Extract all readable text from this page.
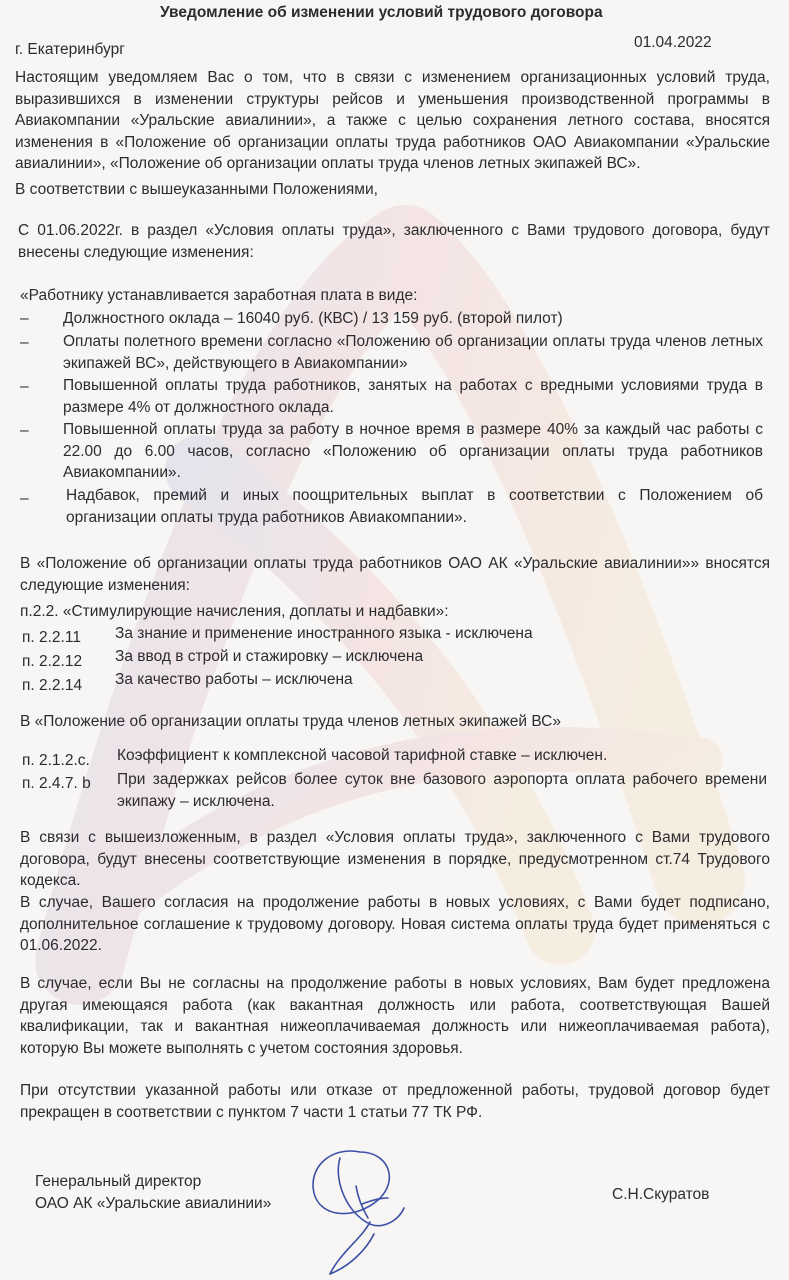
Уведомление об изменении условий трудового договора
г. Екатеринбург	01.04.2022
Настоящим уведомляем Вас о том, что в связи с изменением организационных условий труда, выразившихся в изменении структуры рейсов и уменьшения производственной программы в Авиакомпании «Уральские авиалинии», а также с целью сохранения летного состава, вносятся изменения в «Положение об организации оплаты труда работников ОАО Авиакомпании «Уральские авиалинии», «Положение об организации оплаты труда членов летных экипажей ВС».
В соответствии с вышеуказанными Положениями,
С 01.06.2022г. в раздел «Условия оплаты труда», заключенного с Вами трудового договора, будут внесены следующие изменения:
«Работнику устанавливается заработная плата в виде:
– Должностного оклада – 16040 руб. (КВС) / 13 159 руб. (второй пилот)
– Оплаты полетного времени согласно «Положению об организации оплаты труда членов летных экипажей ВС», действующего в Авиакомпании»
– Повышенной оплаты труда работников, занятых на работах с вредными условиями труда в размере 4% от должностного оклада.
– Повышенной оплаты труда за работу в ночное время в размере 40% за каждый час работы с 22.00 до 6.00 часов, согласно «Положению об организации оплаты труда работников Авиакомпании».
– Надбавок, премий и иных поощрительных выплат в соответствии с Положением об организации оплаты труда работников Авиакомпании».
В «Положение об организации оплаты труда работников ОАО АК «Уральские авиалинии»» вносятся следующие изменения:
п.2.2. «Стимулирующие начисления, доплаты и надбавки»:
п. 2.2.11 За знание и применение иностранного языка - исключена
п. 2.2.12 За ввод в строй и стажировку – исключена
п. 2.2.14 За качество работы – исключена
В «Положение об организации оплаты труда членов летных экипажей ВС»
п. 2.1.2.с. Коэффициент к комплексной часовой тарифной ставке – исключен.
п. 2.4.7. b При задержках рейсов более суток вне базового аэропорта оплата рабочего времени экипажу – исключена.
В связи с вышеизложенным, в раздел «Условия оплаты труда», заключенного с Вами трудового договора, будут внесены соответствующие изменения в порядке, предусмотренном ст.74 Трудового кодекса.
В случае, Вашего согласия на продолжение работы в новых условиях, с Вами будет подписано, дополнительное соглашение к трудовому договору. Новая система оплаты труда будет применяться с 01.06.2022.
В случае, если Вы не согласны на продолжение работы в новых условиях, Вам будет предложена другая имеющаяся работа (как вакантная должность или работа, соответствующая Вашей квалификации, так и вакантная нижеоплачиваемая должность или нижеоплачиваемая работа), которую Вы можете выполнять с учетом состояния здоровья.
При отсутствии указанной работы или отказе от предложенной работы, трудовой договор будет прекращен в соответствии с пунктом 7 части 1 статьи 77 ТК РФ.
Генеральный директор
ОАО АК «Уральские авиалинии»
С.Н.Скуратов
